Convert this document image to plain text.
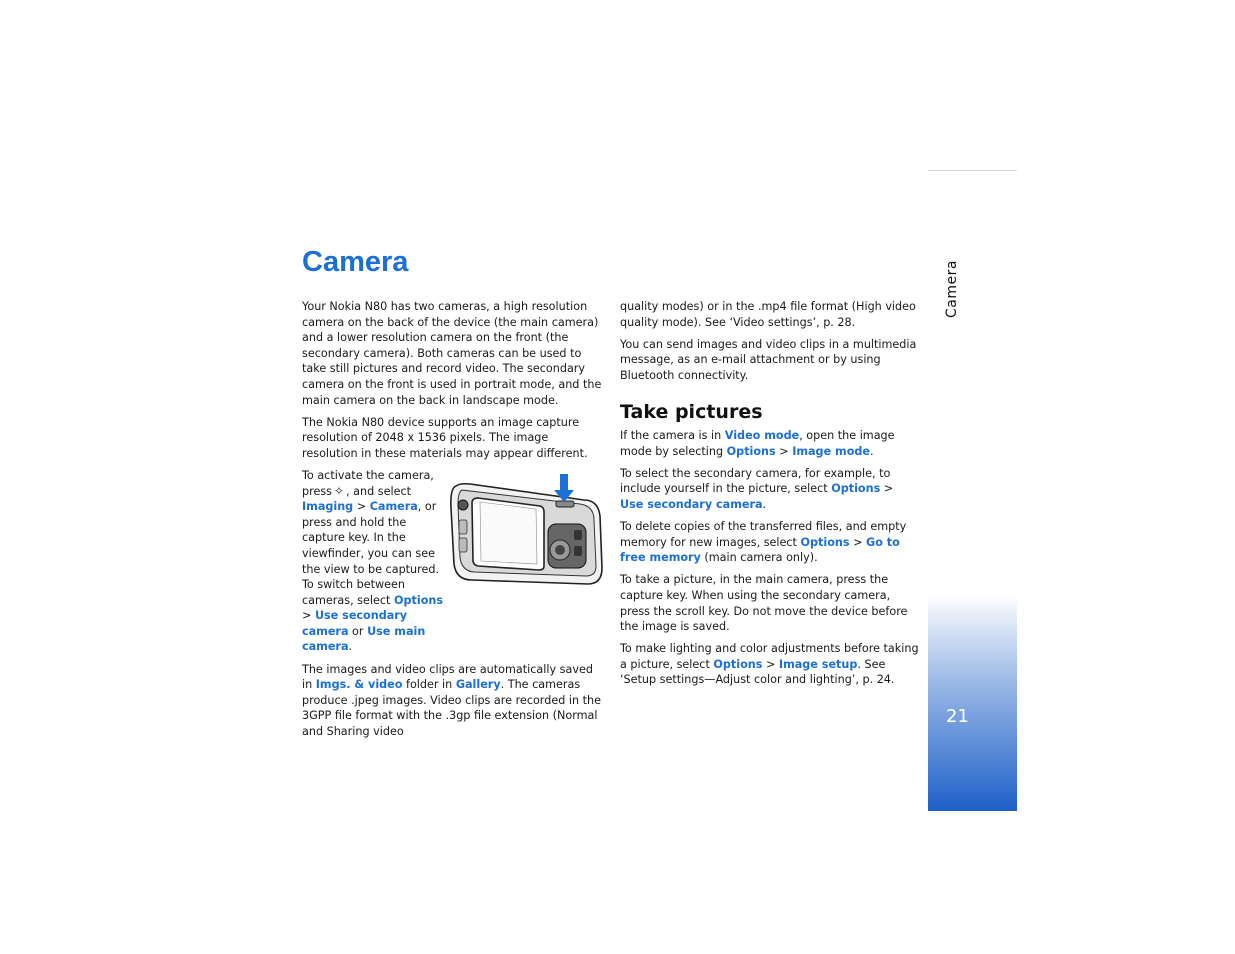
Camera

Your Nokia N80 has two cameras, a high resolution camera on the back of the device (the main camera) and a lower resolution camera on the front (the secondary camera). Both cameras can be used to take still pictures and record video. The secondary camera on the front is used in portrait mode, and the main camera on the back in landscape mode.

The Nokia N80 device supports an image capture resolution of 2048 x 1536 pixels. The image resolution in these materials may appear different.

To activate the camera, press ✧ , and select Imaging > Camera, or press and hold the capture key. In the viewfinder, you can see the view to be captured. To switch between cameras, select Options > Use secondary camera or Use main camera.

The images and video clips are automatically saved in Imgs. & video folder in Gallery. The cameras produce .jpeg images. Video clips are recorded in the 3GPP file format with the .3gp file extension (Normal and Sharing video

quality modes) or in the .mp4 file format (High video quality mode). See ‘Video settings’, p. 28.

You can send images and video clips in a multimedia message, as an e-mail attachment or by using Bluetooth connectivity.

Take pictures

If the camera is in Video mode, open the image mode by selecting Options > Image mode.

To select the secondary camera, for example, to include yourself in the picture, select Options > Use secondary camera.

To delete copies of the transferred files, and empty memory for new images, select Options > Go to free memory (main camera only).

To take a picture, in the main camera, press the capture key. When using the secondary camera, press the scroll key. Do not move the device before the image is saved.

To make lighting and color adjustments before taking a picture, select Options > Image setup. See ‘Setup settings—Adjust color and lighting’, p. 24.

Camera
21
